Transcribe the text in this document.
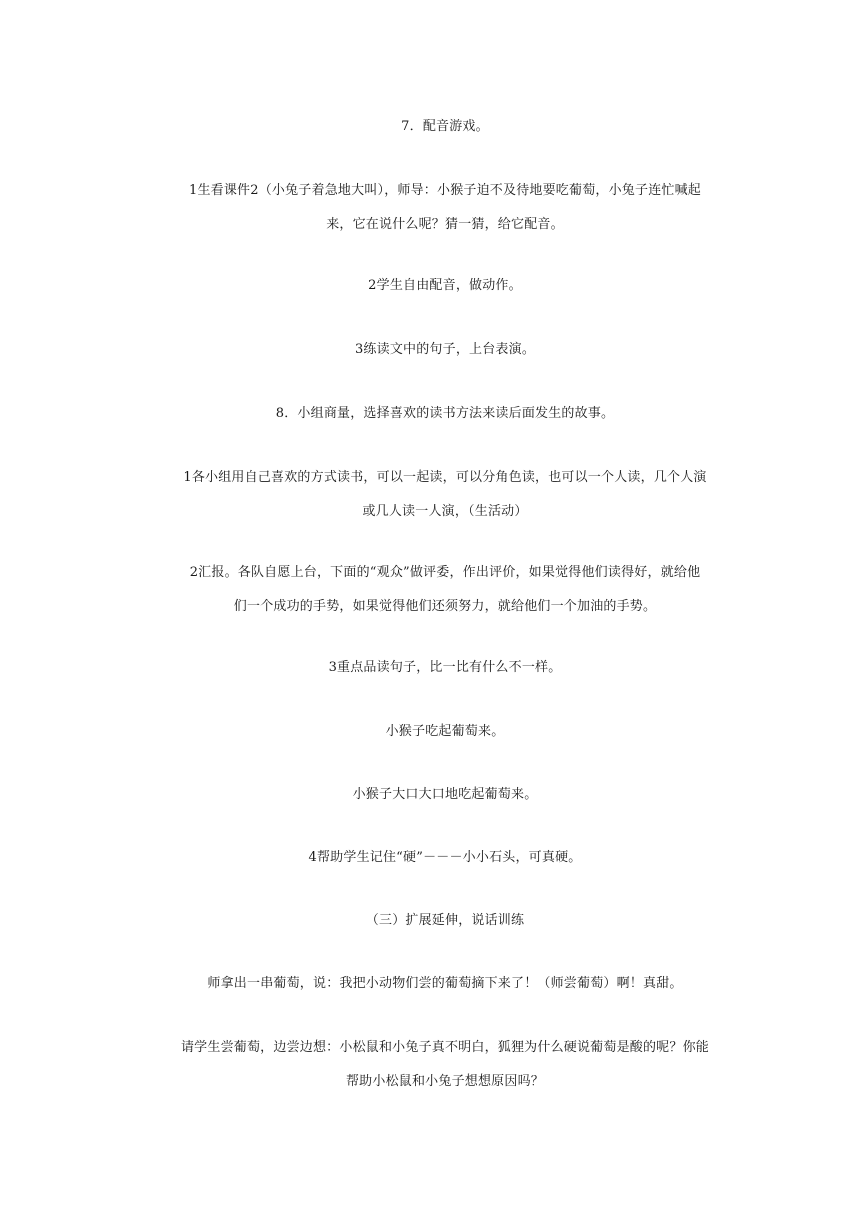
7．配音游戏。
1生看课件2（小兔子着急地大叫），师导：小猴子迫不及待地要吃葡萄，小兔子连忙喊起
来，它在说什么呢？猜一猜，给它配音。
2学生自由配音，做动作。
3练读文中的句子，上台表演。
8．小组商量，选择喜欢的读书方法来读后面发生的故事。
1各小组用自己喜欢的方式读书，可以一起读，可以分角色读，也可以一个人读，几个人演
或几人读一人演，（生活动）
2汇报。各队自愿上台，下面的“观众”做评委，作出评价，如果觉得他们读得好，就给他
们一个成功的手势，如果觉得他们还须努力，就给他们一个加油的手势。
3重点品读句子，比一比有什么不一样。
小猴子吃起葡萄来。
小猴子大口大口地吃起葡萄来。
4帮助学生记住“硬”－－－小小石头，可真硬。
（三）扩展延伸，说话训练
师拿出一串葡萄，说：我把小动物们尝的葡萄摘下来了！（师尝葡萄）啊！真甜。
请学生尝葡萄，边尝边想：小松鼠和小兔子真不明白，狐狸为什么硬说葡萄是酸的呢？你能
帮助小松鼠和小兔子想想原因吗？
